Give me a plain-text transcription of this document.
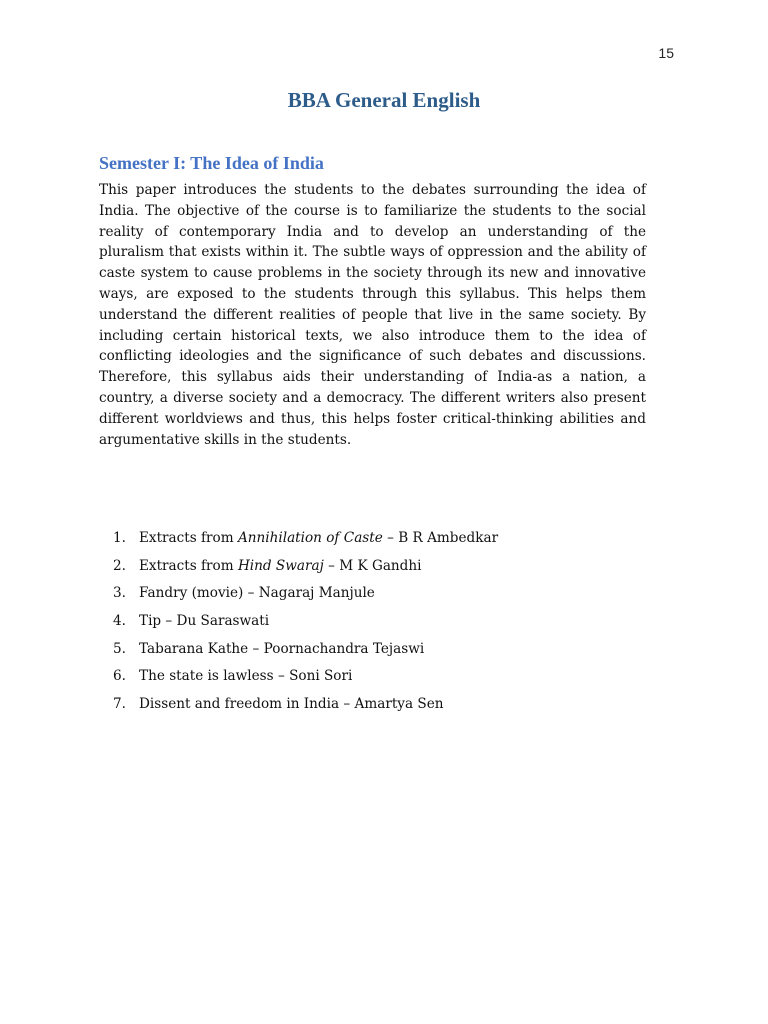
15
BBA General English
Semester I: The Idea of India

This paper introduces the students to the debates surrounding the idea of India. The objective of the course is to familiarize the students to the social reality of contemporary India and to develop an understanding of the pluralism that exists within it. The subtle ways of oppression and the ability of caste system to cause problems in the society through its new and innovative ways, are exposed to the students through this syllabus. This helps them understand the different realities of people that live in the same society. By including certain historical texts, we also introduce them to the idea of conflicting ideologies and the significance of such debates and discussions. Therefore, this syllabus aids their understanding of India-as a nation, a country, a diverse society and a democracy. The different writers also present different worldviews and thus, this helps foster critical-thinking abilities and argumentative skills in the students.

1. Extracts from Annihilation of Caste – B R Ambedkar
2. Extracts from Hind Swaraj – M K Gandhi
3. Fandry (movie) – Nagaraj Manjule
4. Tip – Du Saraswati
5. Tabarana Kathe – Poornachandra Tejaswi
6. The state is lawless – Soni Sori
7. Dissent and freedom in India – Amartya Sen
